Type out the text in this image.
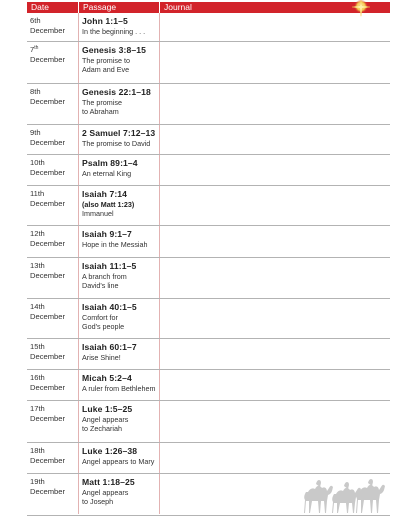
Date	Passage	Journal
6th
December
John 1:1–5
In the beginning . . .
7th
December
Genesis 3:8–15
The promise to
Adam and Eve
8th
December
Genesis 22:1–18
The promise
to Abraham
9th
December
2 Samuel 7:12–13
The promise to David
10th
December
Psalm 89:1–4
An eternal King
11th
December
Isaiah 7:14
(also Matt 1:23)
Immanuel
12th
December
Isaiah 9:1–7
Hope in the Messiah
13th
December
Isaiah 11:1–5
A branch from
David's line
14th
December
Isaiah 40:1–5
Comfort for
God's people
15th
December
Isaiah 60:1–7
Arise Shine!
16th
December
Micah 5:2–4
A ruler from Bethlehem
17th
December
Luke 1:5–25
Angel appears
to Zechariah
18th
December
Luke 1:26–38
Angel appears to Mary
19th
December
Matt 1:18–25
Angel appears
to Joseph
